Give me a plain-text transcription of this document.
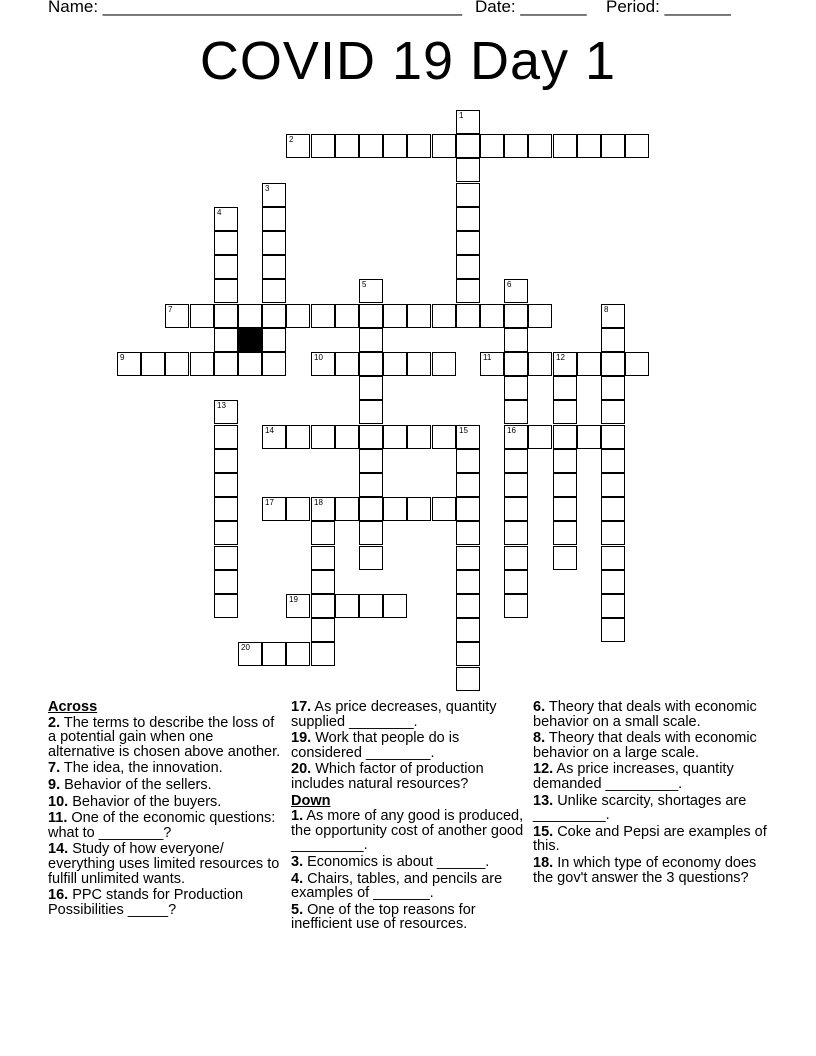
Name: ______________________________________ Date: _______ Period: _______
COVID 19 Day 1
2
7
9	10	11	12
14	16
17	18
19
20
1
3
4
5	6
8
13
15
Across
2. The terms to describe the loss of a potential gain when one alternative is chosen above another.
7. The idea, the innovation.
9. Behavior of the sellers.
10. Behavior of the buyers.
11. One of the economic questions: what to ________?
14. Study of how everyone/ everything uses limited resources to fulfill unlimited wants.
16. PPC stands for Production Possibilities _____?
17. As price decreases, quantity supplied ________.
19. Work that people do is considered ________.
20. Which factor of production includes natural resources?
Down
1. As more of any good is produced, the opportunity cost of another good _________.
3. Economics is about ______.
4. Chairs, tables, and pencils are examples of _______.
5. One of the top reasons for inefficient use of resources.
6. Theory that deals with economic behavior on a small scale.
8. Theory that deals with economic behavior on a large scale.
12. As price increases, quantity demanded _________.
13. Unlike scarcity, shortages are _________.
15. Coke and Pepsi are examples of this.
18. In which type of economy does the gov't answer the 3 questions?
